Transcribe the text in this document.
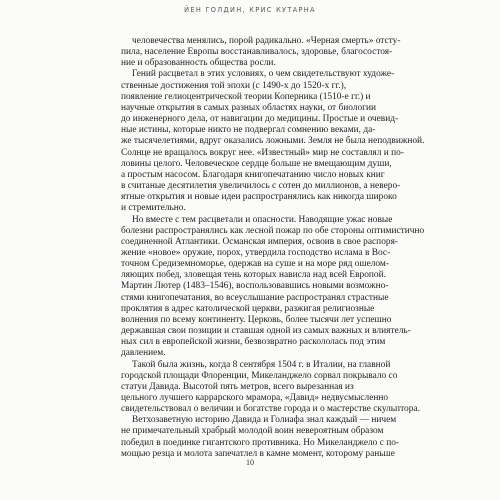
ЙЕН ГОЛДИН, КРИС КУТАРНА

человечества менялись, порой радикально. «Черная смерть» отсту-
пила, население Европы восстанавливалось, здоровье, благосостоя-
ние и образованность общества росли.

Гений расцветал в этих условиях, о чем свидетельствуют художе-
ственные достижения той эпохи (с 1490-х до 1520-х гг.),
появление гелиоцентрической теории Коперника (1510-е гг.) и
научные открытия в самых разных областях науки, от биологии
до инженерного дела, от навигации до медицины. Простые и очевид-
ные истины, которые никто не подвергал сомнению веками, да-
же тысячелетиями, вдруг оказались ложными. Земля не была неподвижной.
Солнце не вращалось вокруг нее. «Известный» мир не составлял и по-
ловины целого. Человеческое сердце больше не вмещающим души,
а простым насосом. Благодаря книгопечатанию число новых книг
в считаные десятилетия увеличилось с сотен до миллионов, а неверо-
ятные открытия и новые идеи распространялись как никогда широко
и стремительно.

Но вместе с тем расцветали и опасности. Наводящие ужас новые
болезни распространялись как лесной пожар по обе стороны оптимистично
соединенной Атлантики. Османская империя, освоив в свое распоря-
жение «новое» оружие, порох, утвердила господство ислама в Вос-
точном Средиземноморье, одержав на суше и на море ряд ошелом-
ляющих побед, зловещая тень которых нависла над всей Европой.
Мартин Лютер (1483–1546), воспользовавшись новыми возможно-
стями книгопечатания, во всеуслышание распространял страстные
проклятия в адрес католической церкви, разжигая религиозные
волнения по всему континенту. Церковь, более тысячи лет успешно
державшая свои позиции и ставшая одной из самых важных и влиятель-
ных сил в европейской жизни, безвозвратно раскололась под этим
давлением.

Такой была жизнь, когда 8 сентября 1504 г. в Италии, на главной
городской площади Флоренции, Микеланджело сорвал покрывало со
статуи Давида. Высотой пять метров, всего вырезанная из
цельного лучшего каррарского мрамора, «Давид» недвусмысленно
свидетельствовал о величии и богатстве города и о мастерстве скульптора.

Ветхозаветную историю Давида и Голиафа знал каждый — ничем
не примечательный храбрый молодой воин невероятным образом
победил в поединке гигантского противника. Но Микеланджело с по-
мощью резца и молота запечатлел в камне момент, которому раньше

10
